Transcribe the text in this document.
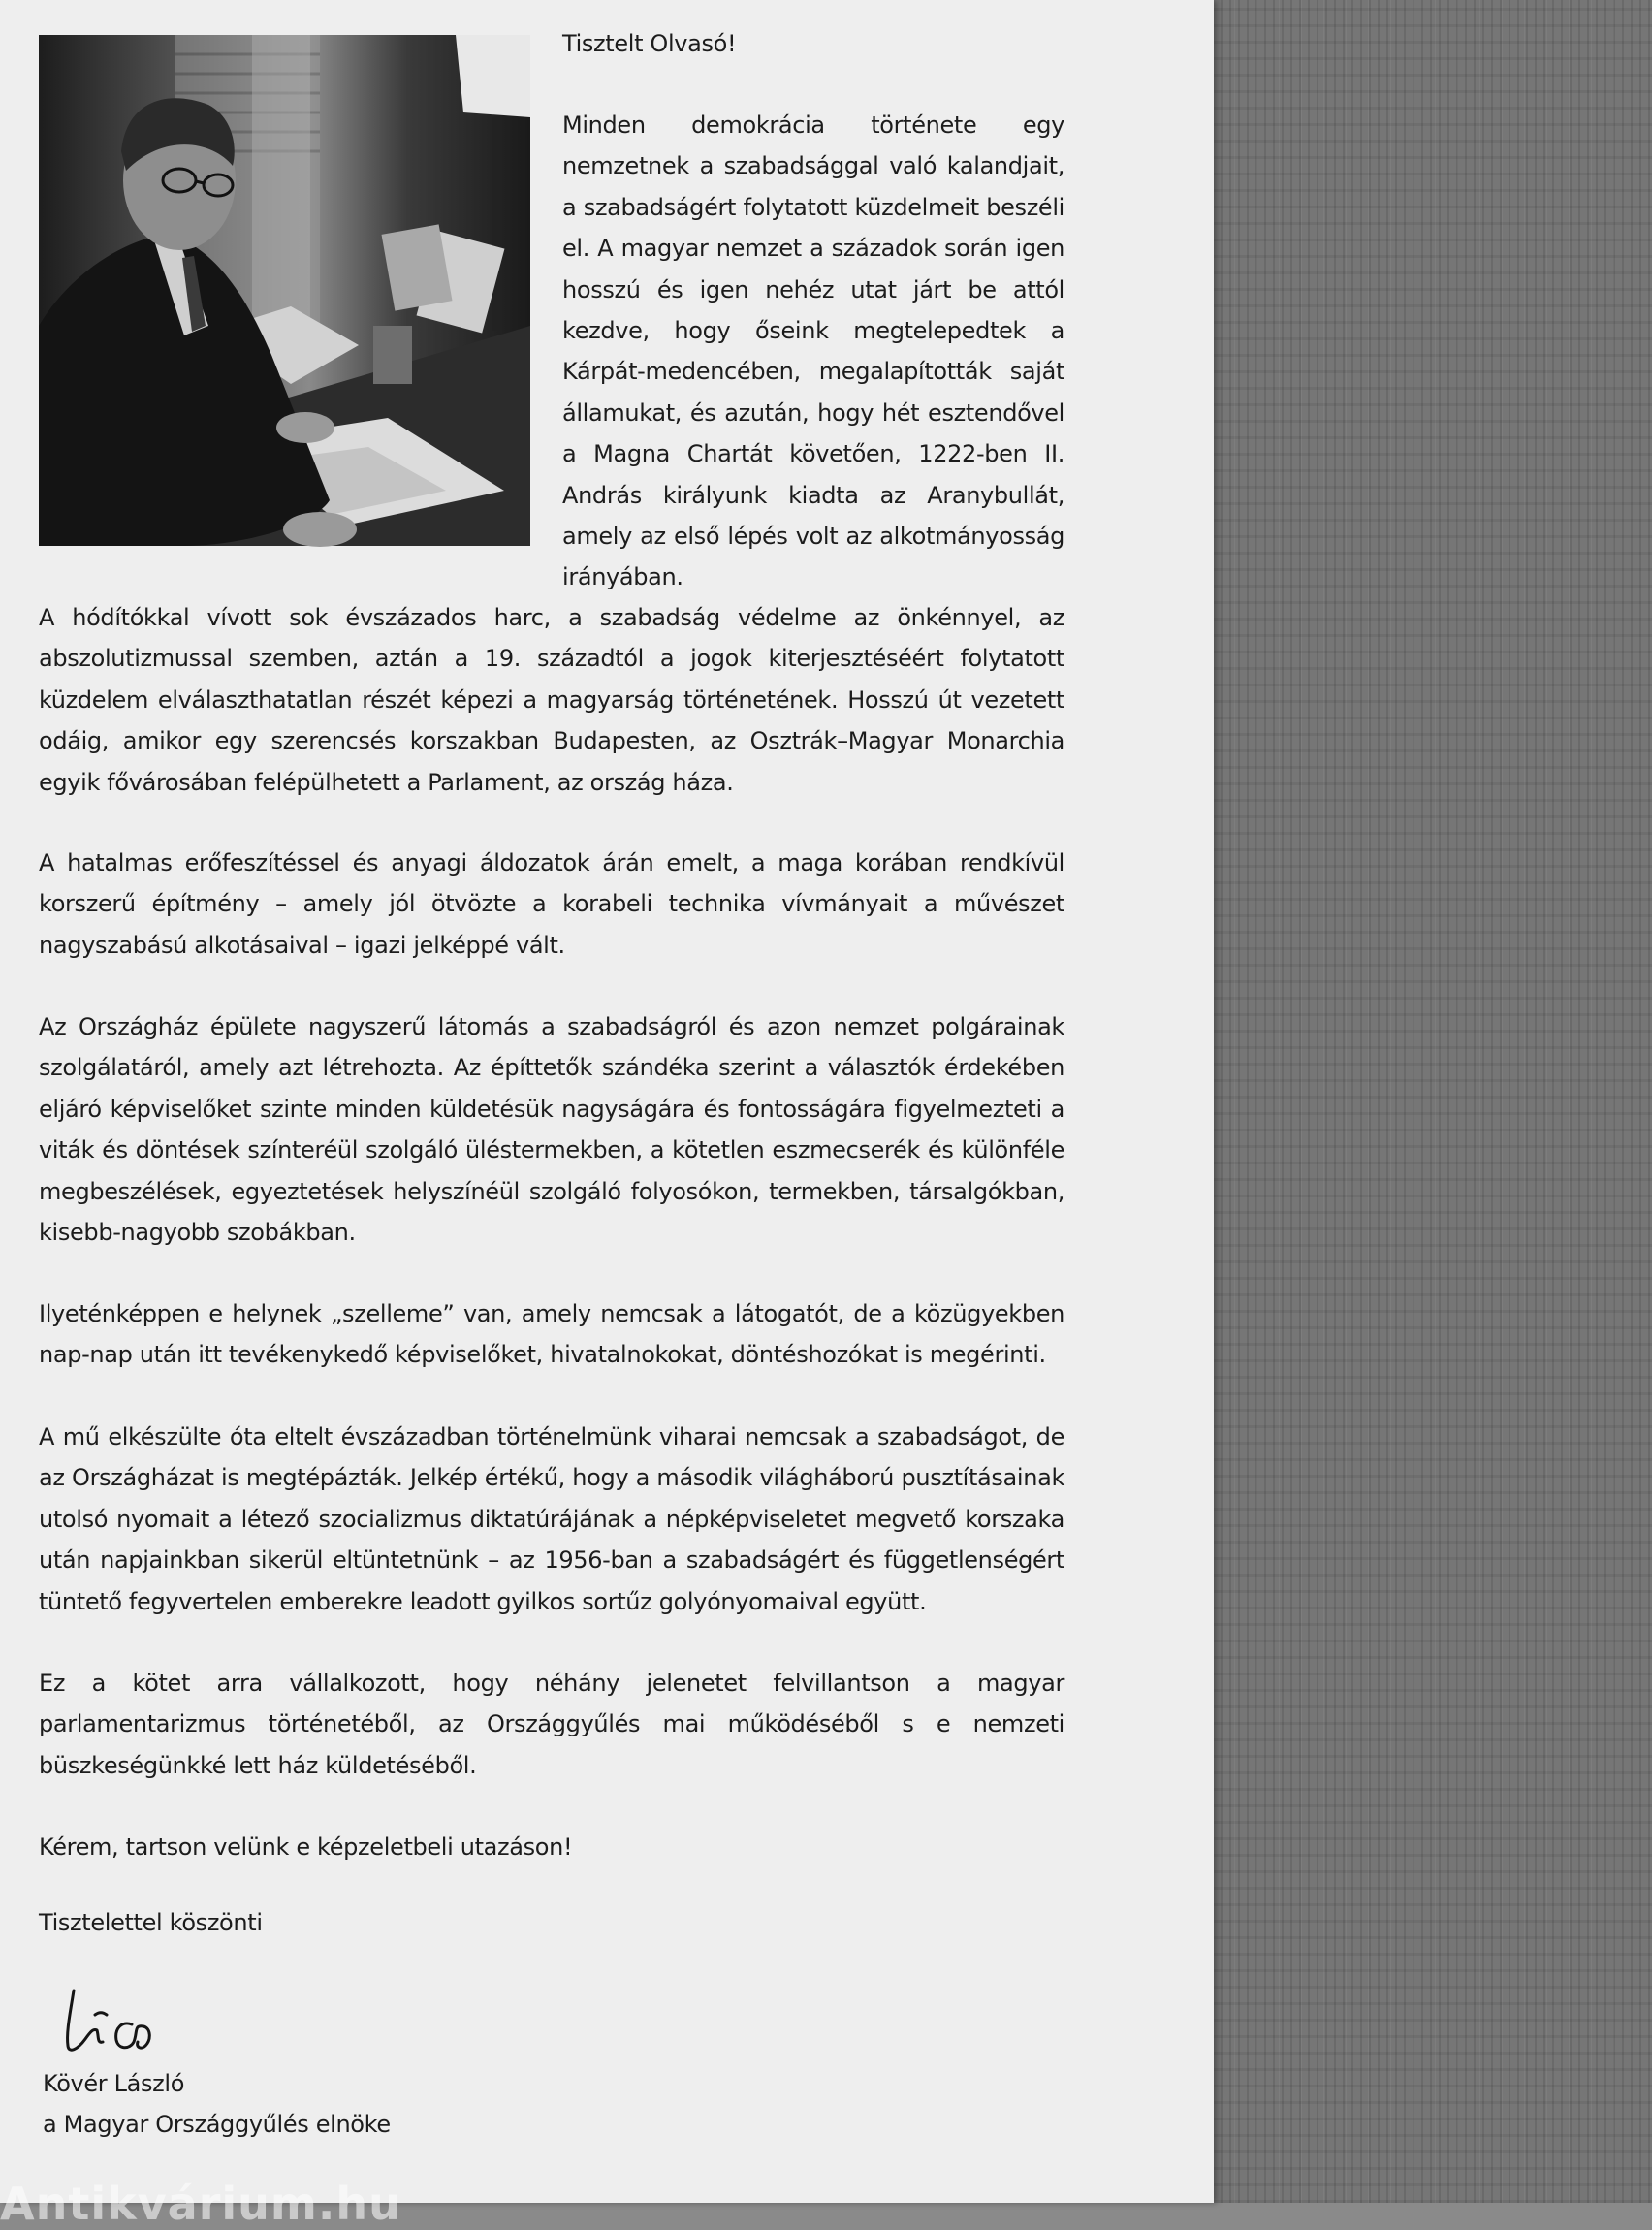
Tisztelt Olvasó!

Minden demokrácia története egy nemzetnek a szabadsággal való kalandjait, a szabadságért folytatott küzdelmeit beszéli el. A magyar nemzet a századok során igen hosszú és igen nehéz utat járt be attól kezdve, hogy őseink megtelepedtek a Kárpát-medencében, megalapították saját államukat, és azután, hogy hét esztendővel a Magna Chartát követően, 1222-ben II. András királyunk kiadta az Aranybullát, amely az első lépés volt az alkotmányosság irányában.

A hódítókkal vívott sok évszázados harc, a szabadság védelme az önkénnyel, az abszolutizmussal szemben, aztán a 19. századtól a jogok kiterjesztéséért folytatott küzdelem elválaszthatatlan részét képezi a magyarság történetének. Hosszú út vezetett odáig, amikor egy szerencsés korszakban Budapesten, az Osztrák–Magyar Monarchia egyik fővárosában felépülhetett a Parlament, az ország háza.

A hatalmas erőfeszítéssel és anyagi áldozatok árán emelt, a maga korában rendkívül korszerű építmény – amely jól ötvözte a korabeli technika vívmányait a művészet nagyszabású alkotásaival – igazi jelképpé vált.

Az Országház épülete nagyszerű látomás a szabadságról és azon nemzet polgárainak szolgálatáról, amely azt létrehozta. Az építtetők szándéka szerint a választók érdekében eljáró képviselőket szinte minden küldetésük nagyságára és fontosságára figyelmezteti a viták és döntések színteréül szolgáló üléstermekben, a kötetlen eszmecserék és különféle megbeszélések, egyeztetések helyszínéül szolgáló folyosókon, termekben, társalgókban, kisebb-nagyobb szobákban.

Ilyeténképpen e helynek „szelleme” van, amely nemcsak a látogatót, de a közügyekben nap-nap után itt tevékenykedő képviselőket, hivatalnokokat, döntéshozókat is megérinti.

A mű elkészülte óta eltelt évszázadban történelmünk viharai nemcsak a szabadságot, de az Országházat is megtépázták. Jelkép értékű, hogy a második világháború pusztításainak utolsó nyomait a létező szocializmus diktatúrájának a népképviseletet megvető korszaka után napjainkban sikerül eltüntetnünk – az 1956-ban a szabadságért és függetlenségért tüntető fegyvertelen emberekre leadott gyilkos sortűz golyónyomaival együtt.

Ez a kötet arra vállalkozott, hogy néhány jelenetet felvillantson a magyar parlamentarizmus történetéből, az Országgyűlés mai működéséből s e nemzeti büszkeségünkké lett ház küldetéséből.

Kérem, tartson velünk e képzeletbeli utazáson!

Tisztelettel köszönti

Kövér László

a Magyar Országgyűlés elnöke

Antikvárium.hu
